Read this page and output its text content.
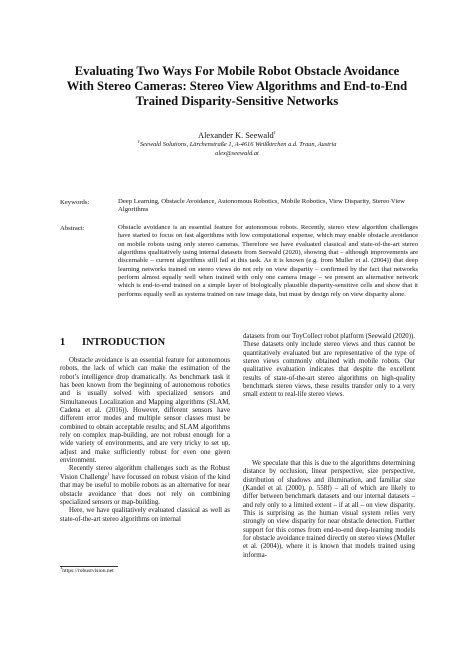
Evaluating Two Ways For Mobile Robot Obstacle Avoidance With Stereo Cameras: Stereo View Algorithms and End-to-End Trained Disparity-Sensitive Networks
Alexander K. Seewald$^1$
$^1$Seewald Solutions, Lärchenstraße 1, A-4616 Weißkirchen a.d. Traun, Austria
alex@seewald.at
Keywords:	Deep Learning, Obstacle Avoidance, Autonomous Robotics, Mobile Robotics, View Disparity, Stereo View Algorithms
Abstract:	Obstacle avoidance is an essential feature for autonomous robots. Recently, stereo view algorithm challenges have started to focus on fast algorithms with low computational expense, which may enable obstacle avoidance on mobile robots using only stereo cameras. Therefore we have evaluated classical and state-of-the-art stereo algorithms qualitatively using internal datasets from Seewald (2020), showing that – although improvements are discernable – current algorithms still fail at this task. As it is known (e.g. from Muller et al. (2004)) that deep learning networks trained on stereo views do not rely on view disparity – confirmed by the fact that networks perform almost equally well when trained with only one camera image – we present an alternative network which is end-to-end trained on a simple layer of biologically plausible disparity-sensitive cells and show that it performs equally well as systems trained on raw image data, but must by design rely on view disparity alone.
1 INTRODUCTION

Obstacle avoidance is an essential feature for autonomous robots, the lack of which can make the estimation of the robot’s intelligence drop dramatically. As benchmark task it has been known from the beginning of autonomous robotics and is usually solved with specialized sensors and Simultaneous Localization and Mapping algorithms (SLAM, Cadena et al. (2016)). However, different sensors have different error modes and multiple sensor classes must be combined to obtain acceptable results; and SLAM algorithms rely on complex map-building, are not robust enough for a wide variety of environments, and are very tricky to set up, adjust and make sufficiently robust for even one given environment.

Recently stereo algorithm challenges such as the Robust Vision Challenge$^1$ have focussed on robust vision of the kind that may be useful to mobile robots as an alternative for near obstacle avoidance that does not rely on combining specialized sensors or map-building.

Here, we have qualitatively evaluated classical as well as state-of-the-art stereo algorithms on internal

$^1$https://robustvision.net

datasets from our ToyCollect robot platform (Seewald (2020)). These datasets only include stereo views and thus cannot be quantitatively evaluated but are representative of the type of stereo views commonly obtained with mobile robots. Our qualitative evaluation indicates that despite the excellent results of state-of-the-art stereo algorithms on high-quality benchmark stereo views, these results transfer only to a very small extent to real-life stereo views.

We speculate that this is due to the algorithms determining distance by occlusion, linear perspective, size perspective, distribution of shadows and illumination, and familiar size (Kandel et al. (2000), p. 558f) – all of which are likely to differ between benchmark datasets and our internal datasets – and rely only to a limited extent – if at all – on view disparity. This is surprising as the human visual system relies very strongly on view disparity for near obstacle detection. Further support for this comes from end-to-end deep-learning models for obstacle avoidance trained directly on stereo views (Muller et al. (2004)), where it is known that models trained using informa-
